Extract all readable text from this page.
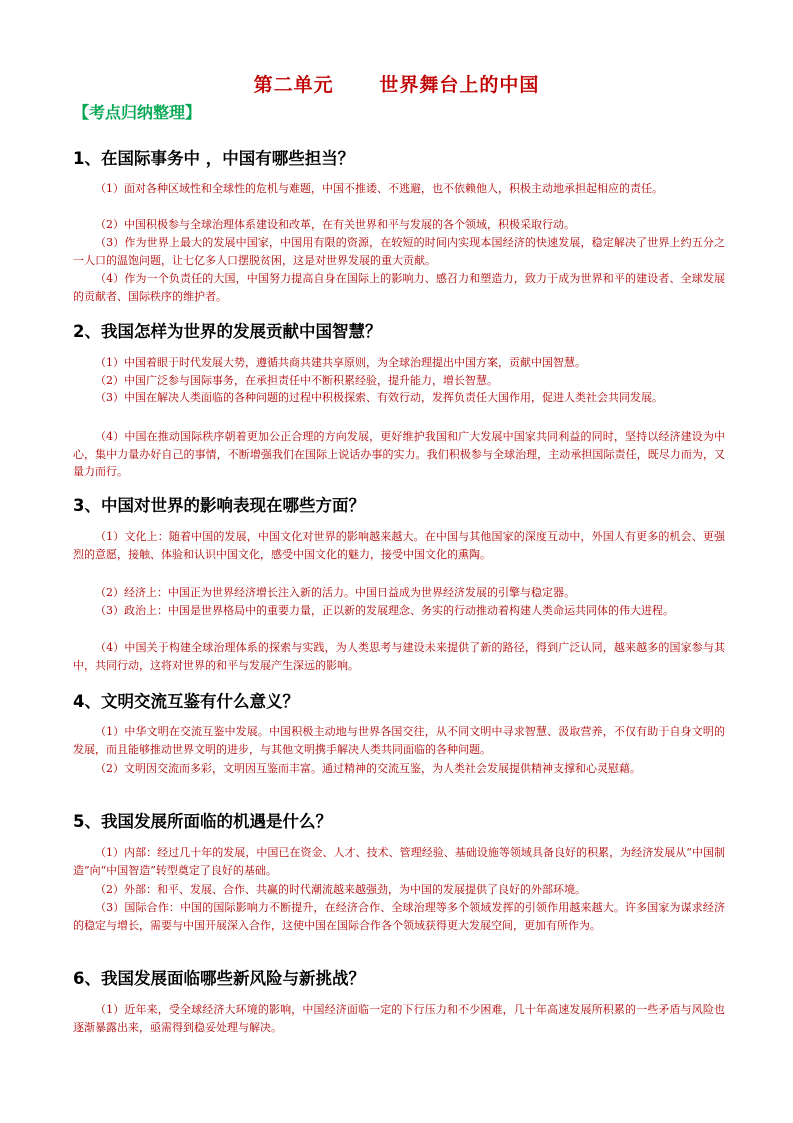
第二单元      世界舞台上的中国
【考点归纳整理】
1、在国际事务中 ，中国有哪些担当？

（1）面对各种区域性和全球性的危机与难题，中国不推诿、不逃避，也不依赖他人，积极主动地承担起相应的责任。

（2）中国积极参与全球治理体系建设和改革，在有关世界和平与发展的各个领域，积极采取行动。

（3）作为世界上最大的发展中国家，中国用有限的资源，在较短的时间内实现本国经济的快速发展，稳定解决了世界上约五分之一人口的温饱问题，让七亿多人口摆脱贫困，这是对世界发展的重大贡献。

（4）作为一个负责任的大国，中国努力提高自身在国际上的影响力、感召力和塑造力，致力于成为世界和平的建设者、全球发展的贡献者、国际秩序的维护者。

2、我国怎样为世界的发展贡献中国智慧？

（1）中国着眼于时代发展大势，遵循共商共建共享原则，为全球治理提出中国方案，贡献中国智慧。

（2）中国广泛参与国际事务，在承担责任中不断积累经验，提升能力，增长智慧。

（3）中国在解决人类面临的各种问题的过程中积极探索、有效行动，发挥负责任大国作用，促进人类社会共同发展。

（4）中国在推动国际秩序朝着更加公正合理的方向发展，更好维护我国和广大发展中国家共同利益的同时，坚持以经济建设为中心，集中力量办好自己的事情，不断增强我们在国际上说话办事的实力。我们积极参与全球治理，主动承担国际责任，既尽力而为，又量力而行。

3、中国对世界的影响表现在哪些方面？

（1）文化上：随着中国的发展，中国文化对世界的影响越来越大。在中国与其他国家的深度互动中，外国人有更多的机会、更强烈的意愿，接触、体验和认识中国文化，感受中国文化的魅力，接受中国文化的熏陶。

（2）经济上：中国正为世界经济增长注入新的活力。中国日益成为世界经济发展的引擎与稳定器。

（3）政治上：中国是世界格局中的重要力量，正以新的发展理念、务实的行动推动着构建人类命运共同体的伟大进程。

（4）中国关于构建全球治理体系的探索与实践，为人类思考与建设未来提供了新的路径，得到广泛认同，越来越多的国家参与其中，共同行动，这将对世界的和平与发展产生深远的影响。

4、文明交流互鉴有什么意义？

（1）中华文明在交流互鉴中发展。中国积极主动地与世界各国交往，从不同文明中寻求智慧、汲取营养，不仅有助于自身文明的发展，而且能够推动世界文明的进步，与其他文明携手解决人类共同面临的各种问题。

（2）文明因交流而多彩，文明因互鉴而丰富。通过精神的交流互鉴，为人类社会发展提供精神支撑和心灵慰藉。

5、我国发展所面临的机遇是什么？

（1）内部：经过几十年的发展，中国已在资金、人才、技术、管理经验、基础设施等领域具备良好的积累，为经济发展从“中国制造”向“中国智造”转型奠定了良好的基础。

（2）外部：和平、发展、合作、共赢的时代潮流越来越强劲，为中国的发展提供了良好的外部环境。

（3）国际合作：中国的国际影响力不断提升，在经济合作、全球治理等多个领域发挥的引领作用越来越大。许多国家为谋求经济的稳定与增长，需要与中国开展深入合作，这使中国在国际合作各个领域获得更大发展空间，更加有所作为。

6、我国发展面临哪些新风险与新挑战？

（1）近年来，受全球经济大环境的影响，中国经济面临一定的下行压力和不少困难，几十年高速发展所积累的一些矛盾与风险也逐渐暴露出来，亟需得到稳妥处理与解决。
